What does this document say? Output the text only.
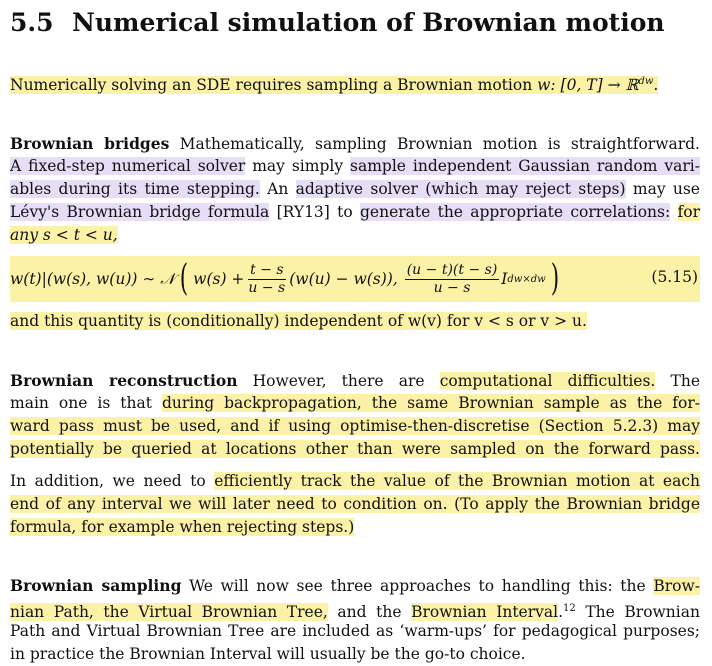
5.5 Numerical simulation of Brownian motion
Numerically solving an SDE requires sampling a Brownian motion w: [0, T] → ℝ$^{dw}$.
Brownian bridges Mathematically, sampling Brownian motion is straightforward.
A fixed-step numerical solver may simply sample independent Gaussian random vari-
ables during its time stepping. An adaptive solver (which may reject steps) may use
Lévy's Brownian bridge formula [RY13] to generate the appropriate correlations: for
any s < t < u,
w(t)|(w(s), w(u)) ∼ 𝒩 ( $w(s) + \frac{t - s}{u - s} (w(u) - w(s))$,
$\frac{(u - t)(t - s)}{u - s}$ I dw×dw )	(5.15)
and this quantity is (conditionally) independent of w(v) for v < s or v > u.
Brownian reconstruction However, there are computational difficulties. The
main one is that during backpropagation, the same Brownian sample as the for-
ward pass must be used, and if using optimise-then-discretise (Section 5.2.3) may
potentially be queried at locations other than were sampled on the forward pass.
In addition, we need to efficiently track the value of the Brownian motion at each
end of any interval we will later need to condition on. (To apply the Brownian bridge
formula, for example when rejecting steps.)
Brownian sampling We will now see three approaches to handling this: the Brow-
nian Path, the Virtual Brownian Tree, and the Brownian Interval.$^{12}$ The Brownian
Path and Virtual Brownian Tree are included as ‘warm-ups’ for pedagogical purposes;
in practice the Brownian Interval will usually be the go-to choice.
